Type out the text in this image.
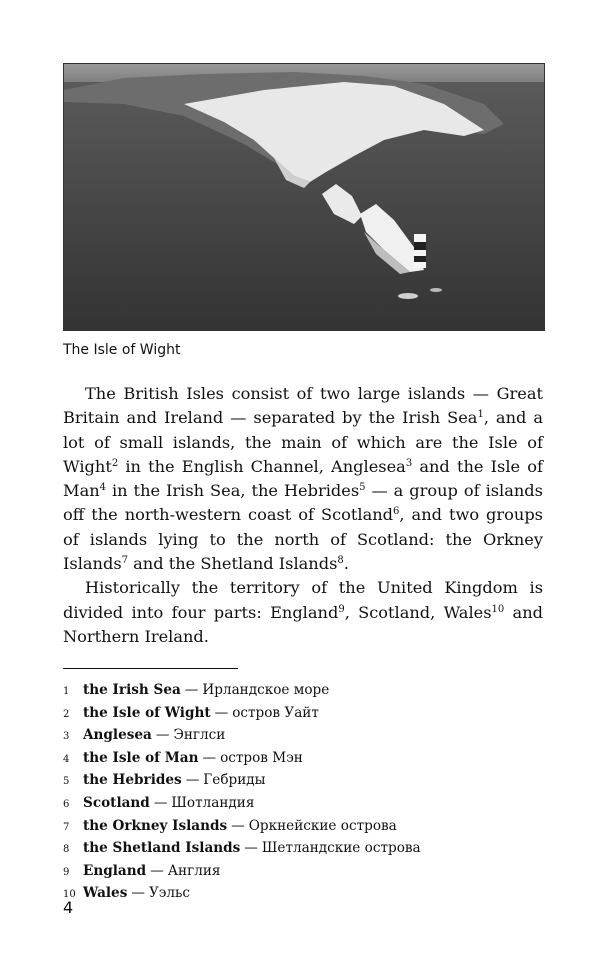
The Isle of Wight

The British Isles consist of two large islands — Great Britain and Ireland — separated by the Irish Sea$^1$, and a lot of small islands, the main of which are the Isle of Wight$^2$ in the English Channel, Anglesea$^3$ and the Isle of Man$^4$ in the Irish Sea, the Hebrides$^5$ — a group of islands off the north-western coast of Scotland$^6$, and two groups of islands lying to the north of Scotland: the Orkney Islands$^7$ and the Shetland Islands$^8$.

Historically the territory of the United Kingdom is divided into four parts: England$^9$, Scotland, Wales$^{10}$ and Northern Ireland.

1	the Irish Sea — Ирландское море
2	the Isle of Wight — остров Уайт
3	Anglesea — Энглси
4	the Isle of Man — остров Мэн
5	the Hebrides — Гебриды
6	Scotland — Шотландия
7	the Orkney Islands — Оркнейские острова
8	the Shetland Islands — Шетландские острова
9	England — Англия
10 Wales — Уэльс
4
